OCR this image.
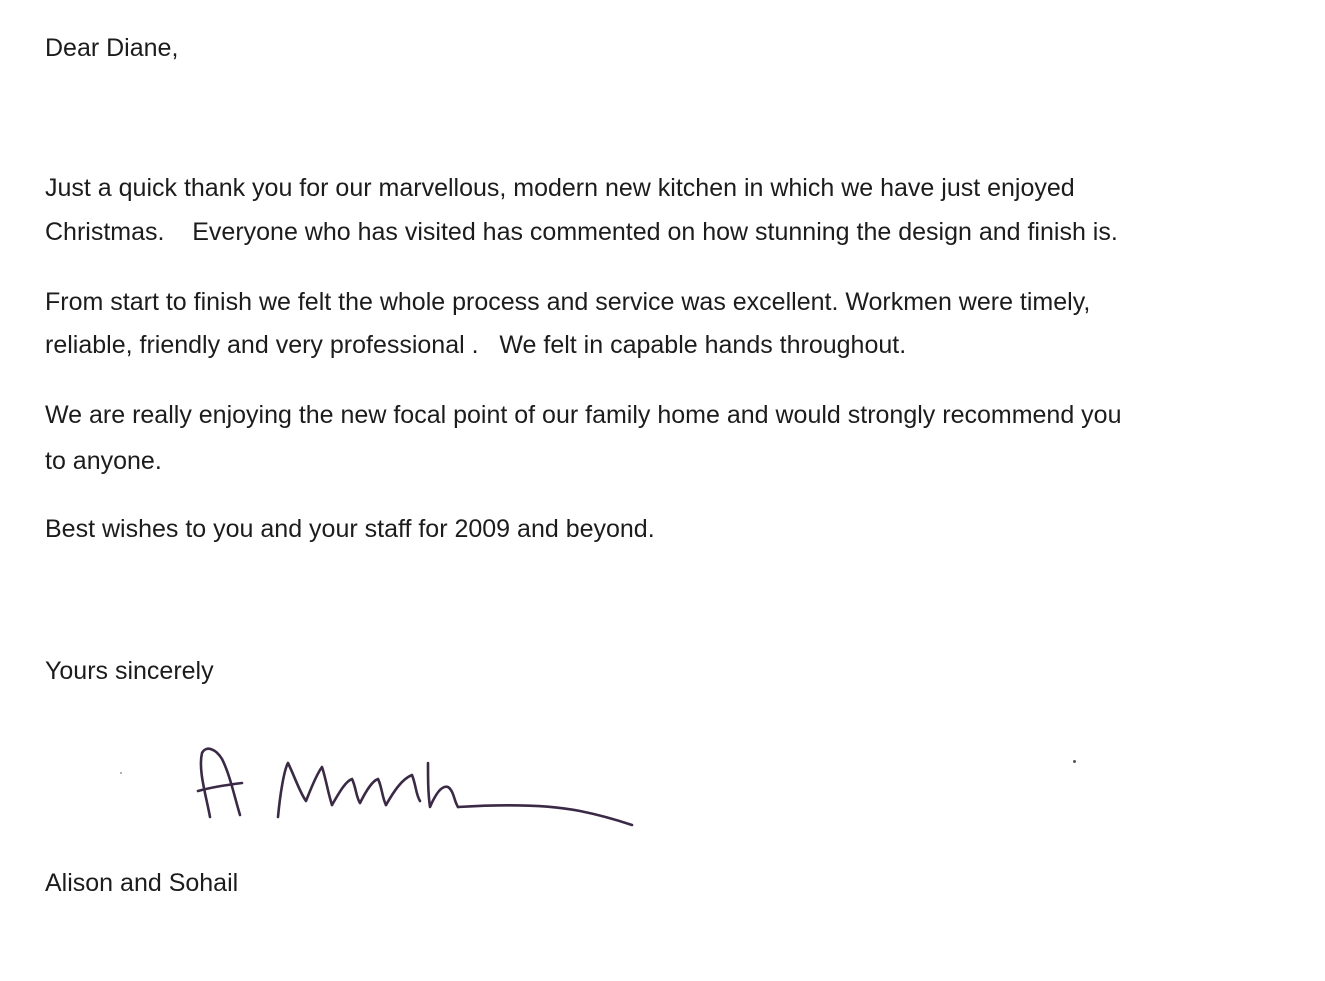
Dear Diane,

Just a quick thank you for our marvellous, modern new kitchen in which we have just enjoyed

Christmas.    Everyone who has visited has commented on how stunning the design and finish is.

From start to finish we felt the whole process and service was excellent. Workmen were timely,

reliable, friendly and very professional .   We felt in capable hands throughout.

We are really enjoying the new focal point of our family home and would strongly recommend you

to anyone.

Best wishes to you and your staff for 2009 and beyond.

Yours sincerely

Alison and Sohail
